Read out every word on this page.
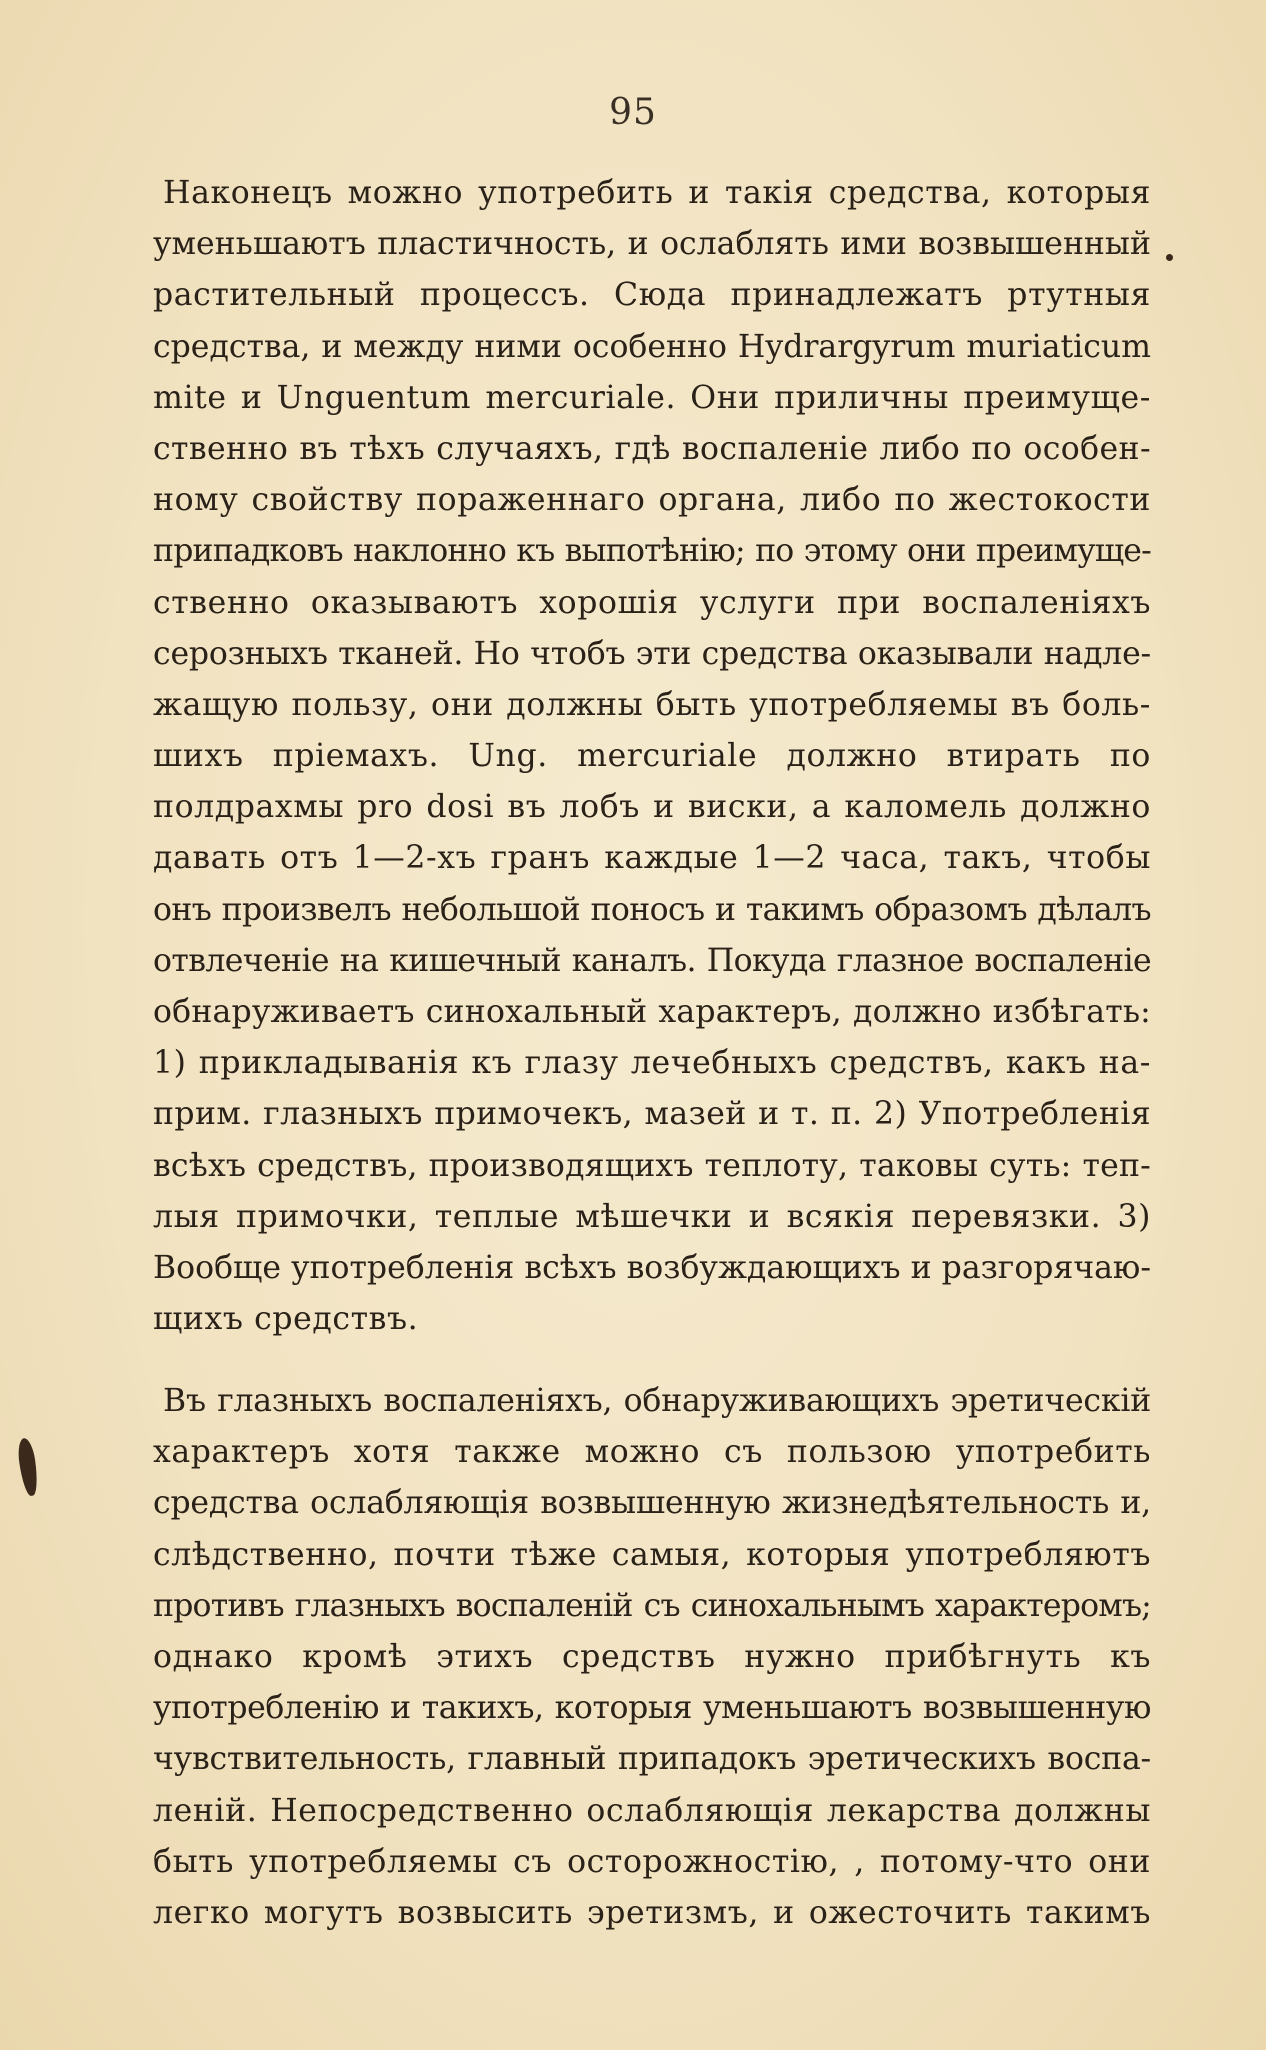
95
Наконецъ можно употребить и такія средства, которыя
уменьшаютъ пластичность, и ослаблять ими возвышенный
растительный процессъ. Сюда принадлежатъ ртутныя
средства, и между ними особенно Hydrargyrum muriaticum
mite и Unguentum mercuriale. Они приличны преимуще-
ственно въ тѣхъ случаяхъ, гдѣ воспаленіе либо по особен-
ному свойству пораженнаго органа, либо по жестокости
припадковъ наклонно къ выпотѣнію; по этому они преимуще-
ственно оказываютъ хорошія услуги при воспаленіяхъ
серозныхъ тканей. Но чтобъ эти средства оказывали надле-
жащую пользу, они должны быть употребляемы въ боль-
шихъ пріемахъ. Ung. mercuriale должно втирать по
полдрахмы pro dosi въ лобъ и виски, а каломель должно
давать отъ 1—2-хъ гранъ каждые 1—2 часа, такъ, чтобы
онъ произвелъ небольшой поносъ и такимъ образомъ дѣлалъ
отвлеченіе на кишечный каналъ. Покуда глазное воспаленіе
обнаруживаетъ синохальный характеръ, должно избѣгать:
1) прикладыванія къ глазу лечебныхъ средствъ, какъ на-
прим. глазныхъ примочекъ, мазей и т. п. 2) Употребленія
всѣхъ средствъ, производящихъ теплоту, таковы суть: теп-
лыя примочки, теплые мѣшечки и всякія перевязки. 3)
Вообще употребленія всѣхъ возбуждающихъ и разгорячаю-
щихъ средствъ.
Въ глазныхъ воспаленіяхъ, обнаруживающихъ эретическій
характеръ хотя также можно съ пользою употребить
средства ослабляющія возвышенную жизнедѣятельность и,
слѣдственно, почти тѣже самыя, которыя употребляютъ
противъ глазныхъ воспаленій съ синохальнымъ характеромъ;
однако кромѣ этихъ средствъ нужно прибѣгнуть къ
употребленію и такихъ, которыя уменьшаютъ возвышенную
чувствительность, главный припадокъ эретическихъ воспа-
леній. Непосредственно ослабляющія лекарства должны
быть употребляемы съ осторожностію, , потому-что они
легко могутъ возвысить эретизмъ, и ожесточить такимъ
